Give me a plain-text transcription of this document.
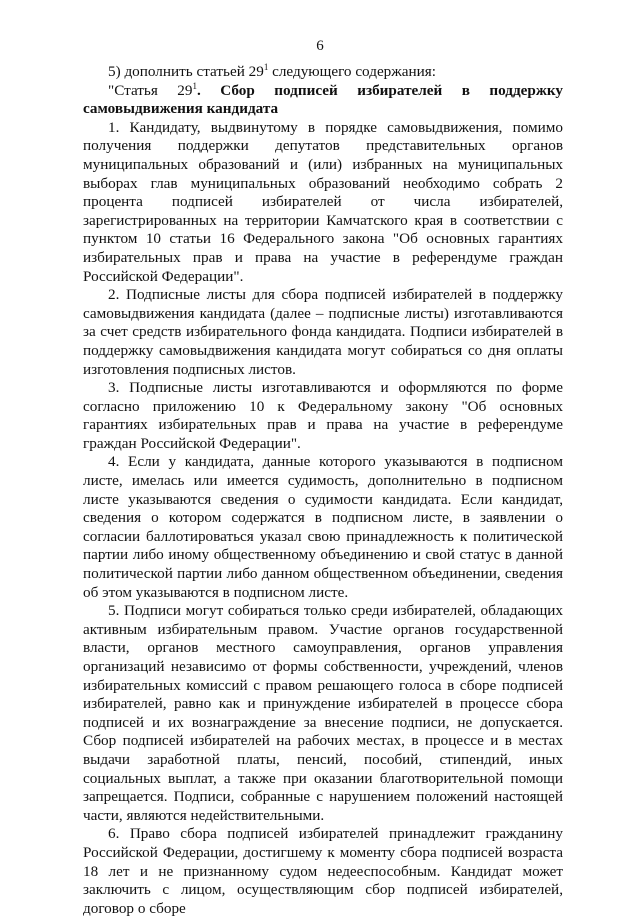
6

5) дополнить статьей $29^1$ следующего содержания:

"Статья $29^1$. Сбор подписей избирателей в поддержку самовыдвижения кандидата

1. Кандидату, выдвинутому в порядке самовыдвижения, помимо получения поддержки депутатов представительных органов муниципальных образований и (или) избранных на муниципальных выборах глав муниципальных образований необходимо собрать 2 процента подписей избирателей от числа избирателей, зарегистрированных на территории Камчатского края в соответствии с пунктом 10 статьи 16 Федерального закона "Об основных гарантиях избирательных прав и права на участие в референдуме граждан Российской Федерации".

2. Подписные листы для сбора подписей избирателей в поддержку самовыдвижения кандидата (далее – подписные листы) изготавливаются за счет средств избирательного фонда кандидата. Подписи избирателей в поддержку самовыдвижения кандидата могут собираться со дня оплаты изготовления подписных листов.

3. Подписные листы изготавливаются и оформляются по форме согласно приложению 10 к Федеральному закону "Об основных гарантиях избирательных прав и права на участие в референдуме граждан Российской Федерации".

4. Если у кандидата, данные которого указываются в подписном листе, имелась или имеется судимость, дополнительно в подписном листе указываются сведения о судимости кандидата. Если кандидат, сведения о котором содержатся в подписном листе, в заявлении о согласии баллотироваться указал свою принадлежность к политической партии либо иному общественному объединению и свой статус в данной политической партии либо данном общественном объединении, сведения об этом указываются в подписном листе.

5. Подписи могут собираться только среди избирателей, обладающих активным избирательным правом. Участие органов государственной власти, органов местного самоуправления, органов управления организаций независимо от формы собственности, учреждений, членов избирательных комиссий с правом решающего голоса в сборе подписей избирателей, равно как и принуждение избирателей в процессе сбора подписей и их вознаграждение за внесение подписи, не допускается. Сбор подписей избирателей на рабочих местах, в процессе и в местах выдачи заработной платы, пенсий, пособий, стипендий, иных социальных выплат, а также при оказании благотворительной помощи запрещается. Подписи, собранные с нарушением положений настоящей части, являются недействительными.

6. Право сбора подписей избирателей принадлежит гражданину Российской Федерации, достигшему к моменту сбора подписей возраста 18 лет и не признанному судом недееспособным. Кандидат может заключить с лицом, осуществляющим сбор подписей избирателей, договор о сборе
